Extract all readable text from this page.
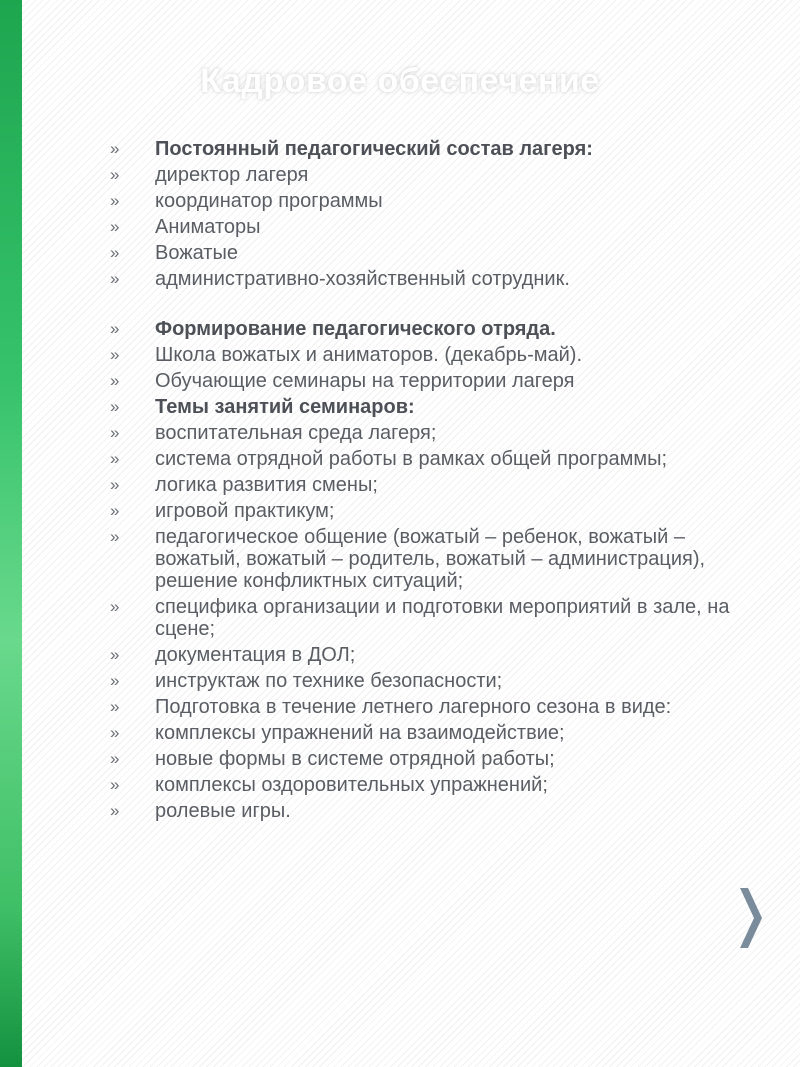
Кадровое обеспечение
»	Постоянный педагогический состав лагеря:
»	директор лагеря
»	координатор программы
»	Аниматоры
»	Вожатые
»	административно-хозяйственный сотрудник.
»	Формирование педагогического отряда.
»	Школа вожатых и аниматоров. (декабрь-май).
»	Обучающие семинары на территории лагеря
»	Темы занятий семинаров:
»	воспитательная среда лагеря;
»	система отрядной работы в рамках общей программы;
»	логика развития смены;
»	игровой практикум;
»	педагогическое общение (вожатый – ребенок, вожатый – вожатый, вожатый – родитель, вожатый – администрация), решение конфликтных ситуаций;
»	специфика организации и подготовки мероприятий в зале, на сцене;
»	документация в ДОЛ;
»	инструктаж по технике безопасности;
»	Подготовка в течение летнего лагерного сезона в виде:
»	комплексы упражнений на взаимодействие;
»	новые формы в системе отрядной работы;
»	комплексы оздоровительных упражнений;
»	ролевые игры.
